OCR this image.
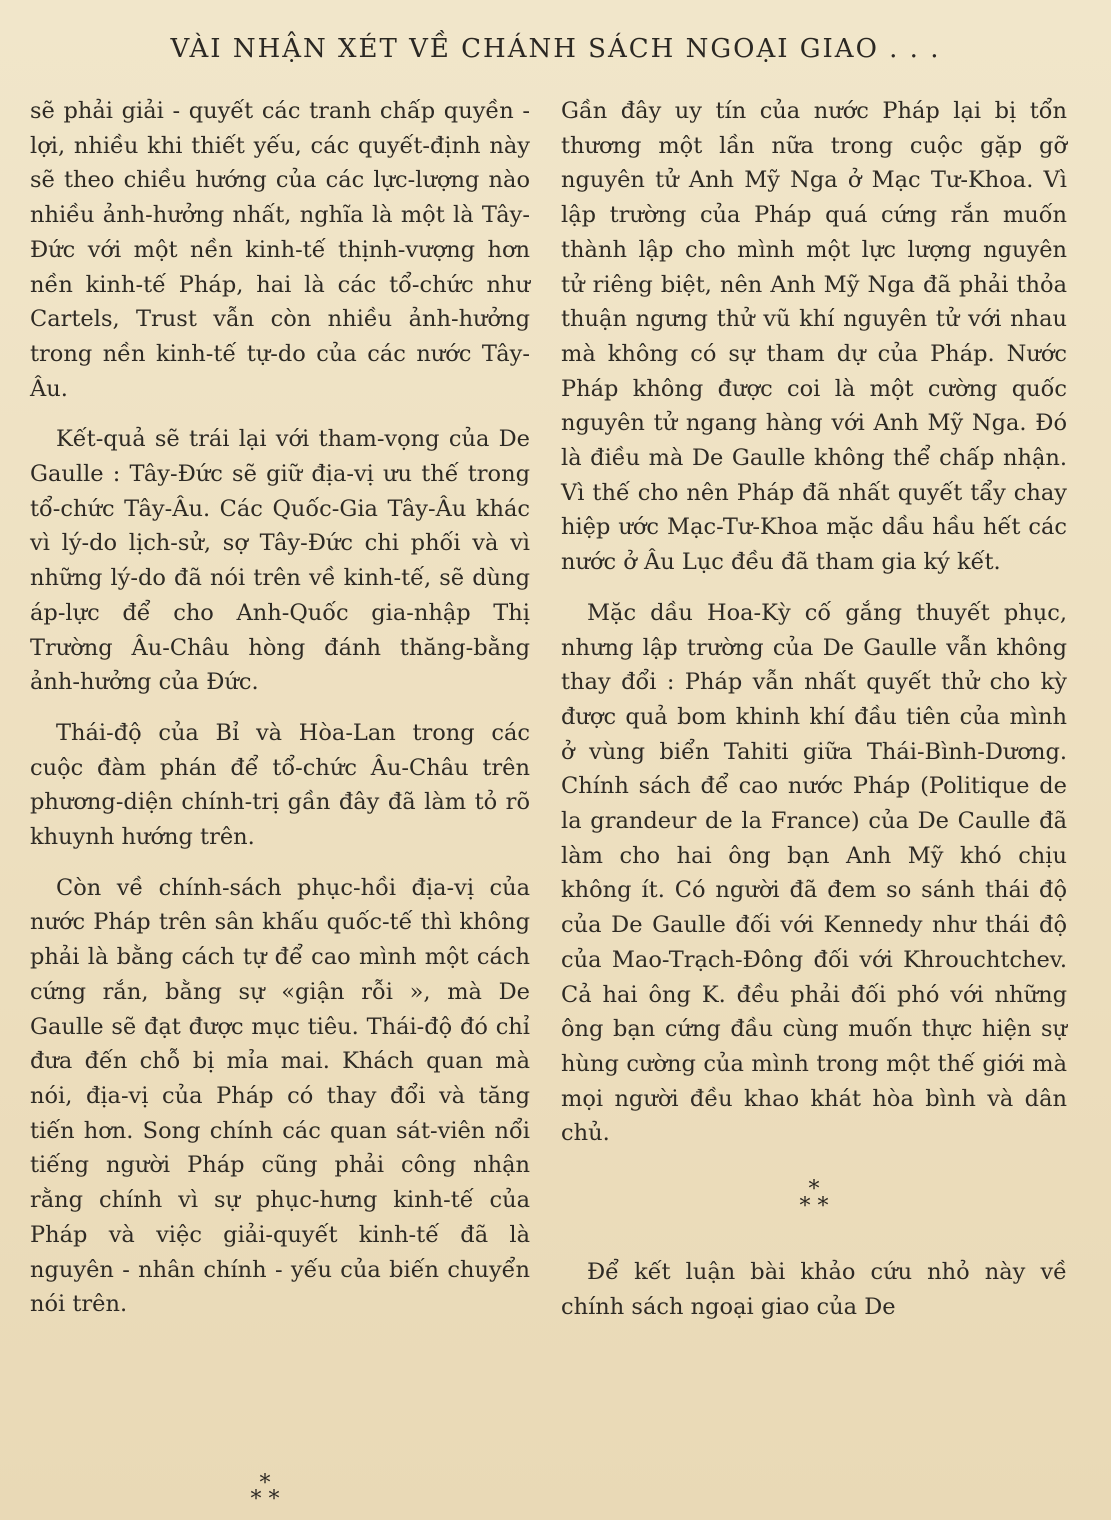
VÀI NHẬN XÉT VỀ CHÁNH SÁCH NGOẠI GIAO . . .

sẽ phải giải - quyết các tranh chấp quyền - lợi, nhiều khi thiết yếu, các quyết-định này sẽ theo chiều hướng của các lực-lượng nào nhiều ảnh-hưởng nhất, nghĩa là một là Tây-Đức với một nền kinh-tế thịnh-vượng hơn nền kinh-tế Pháp, hai là các tổ-chức như Cartels, Trust vẫn còn nhiều ảnh-hưởng trong nền kinh-tế tự-do của các nước Tây-Âu.

Kết-quả sẽ trái lại với tham-vọng của De Gaulle : Tây-Đức sẽ giữ địa-vị ưu thế trong tổ-chức Tây-Âu. Các Quốc-Gia Tây-Âu khác vì lý-do lịch-sử, sợ Tây-Đức chi phối và vì những lý-do đã nói trên về kinh-tế, sẽ dùng áp-lực để cho Anh-Quốc gia-nhập Thị Trường Âu-Châu hòng đánh thăng-bằng ảnh-hưởng của Đức.

Thái-độ của Bỉ và Hòa-Lan trong các cuộc đàm phán để tổ-chức Âu-Châu trên phương-diện chính-trị gần đây đã làm tỏ rõ khuynh hướng trên.

Còn về chính-sách phục-hồi địa-vị của nước Pháp trên sân khấu quốc-tế thì không phải là bằng cách tự để cao mình một cách cứng rắn, bằng sự «giận rỗi », mà De Gaulle sẽ đạt được mục tiêu. Thái-độ đó chỉ đưa đến chỗ bị mỉa mai. Khách quan mà nói, địa-vị của Pháp có thay đổi và tăng tiến hơn. Song chính các quan sát-viên nổi tiếng người Pháp cũng phải công nhận rằng chính vì sự phục-hưng kinh-tế của Pháp và việc giải-quyết kinh-tế đã là nguyên - nhân chính - yếu của biến chuyển nói trên.

*
* *

Gần đây uy tín của nước Pháp lại bị tổn thương một lần nữa trong cuộc gặp gỡ nguyên tử Anh Mỹ Nga ở Mạc Tư-Khoa. Vì lập trường của Pháp quá cứng rắn muốn thành lập cho mình một lực lượng nguyên tử riêng biệt, nên Anh Mỹ Nga đã phải thỏa thuận ngưng thử vũ khí nguyên tử với nhau mà không có sự tham dự của Pháp. Nước Pháp không được coi là một cường quốc nguyên tử ngang hàng với Anh Mỹ Nga. Đó là điều mà De Gaulle không thể chấp nhận. Vì thế cho nên Pháp đã nhất quyết tẩy chay hiệp ước Mạc-Tư-Khoa mặc dầu hầu hết các nước ở Âu Lục đều đã tham gia ký kết.

Mặc dầu Hoa-Kỳ cố gắng thuyết phục, nhưng lập trường của De Gaulle vẫn không thay đổi : Pháp vẫn nhất quyết thử cho kỳ được quả bom khinh khí đầu tiên của mình ở vùng biển Tahiti giữa Thái-Bình-Dương. Chính sách để cao nước Pháp (Politique de la grandeur de la France) của De Caulle đã làm cho hai ông bạn Anh Mỹ khó chịu không ít. Có người đã đem so sánh thái độ của De Gaulle đối với Kennedy như thái độ của Mao-Trạch-Đông đối với Khrouchtchev. Cả hai ông K. đều phải đối phó với những ông bạn cứng đầu cùng muốn thực hiện sự hùng cường của mình trong một thế giới mà mọi người đều khao khát hòa bình và dân chủ.

*
* *

Để kết luận bài khảo cứu nhỏ này về chính sách ngoại giao của De
